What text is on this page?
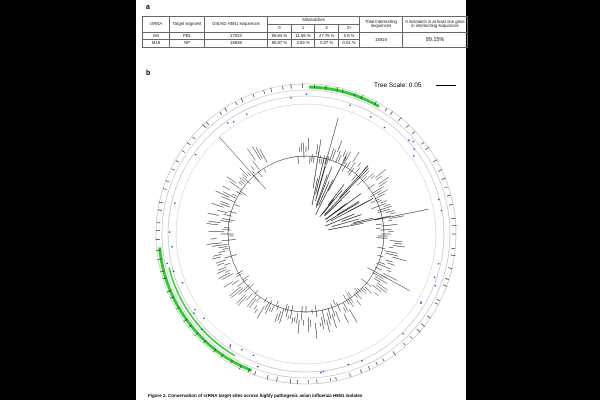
a
crRNA	Target segment	GISAID H5N1 sequences	Mismatches				Total Intersecting sequences	0 mismatch in at least one gene in intersecting sequences
			0	1	2	3+		
M4	PB1	17024	59.84 %	11.56 %	27.75 %	0.8 %	16919	99.15%
M18	NP	19638	95.97 %	3.93 %	0.07 %	0.01 %		
b
Tree Scale: 0.05
Figure 2. Conservation of crRNA target sites across highly pathogenic avian influenza H5N1 isolates
